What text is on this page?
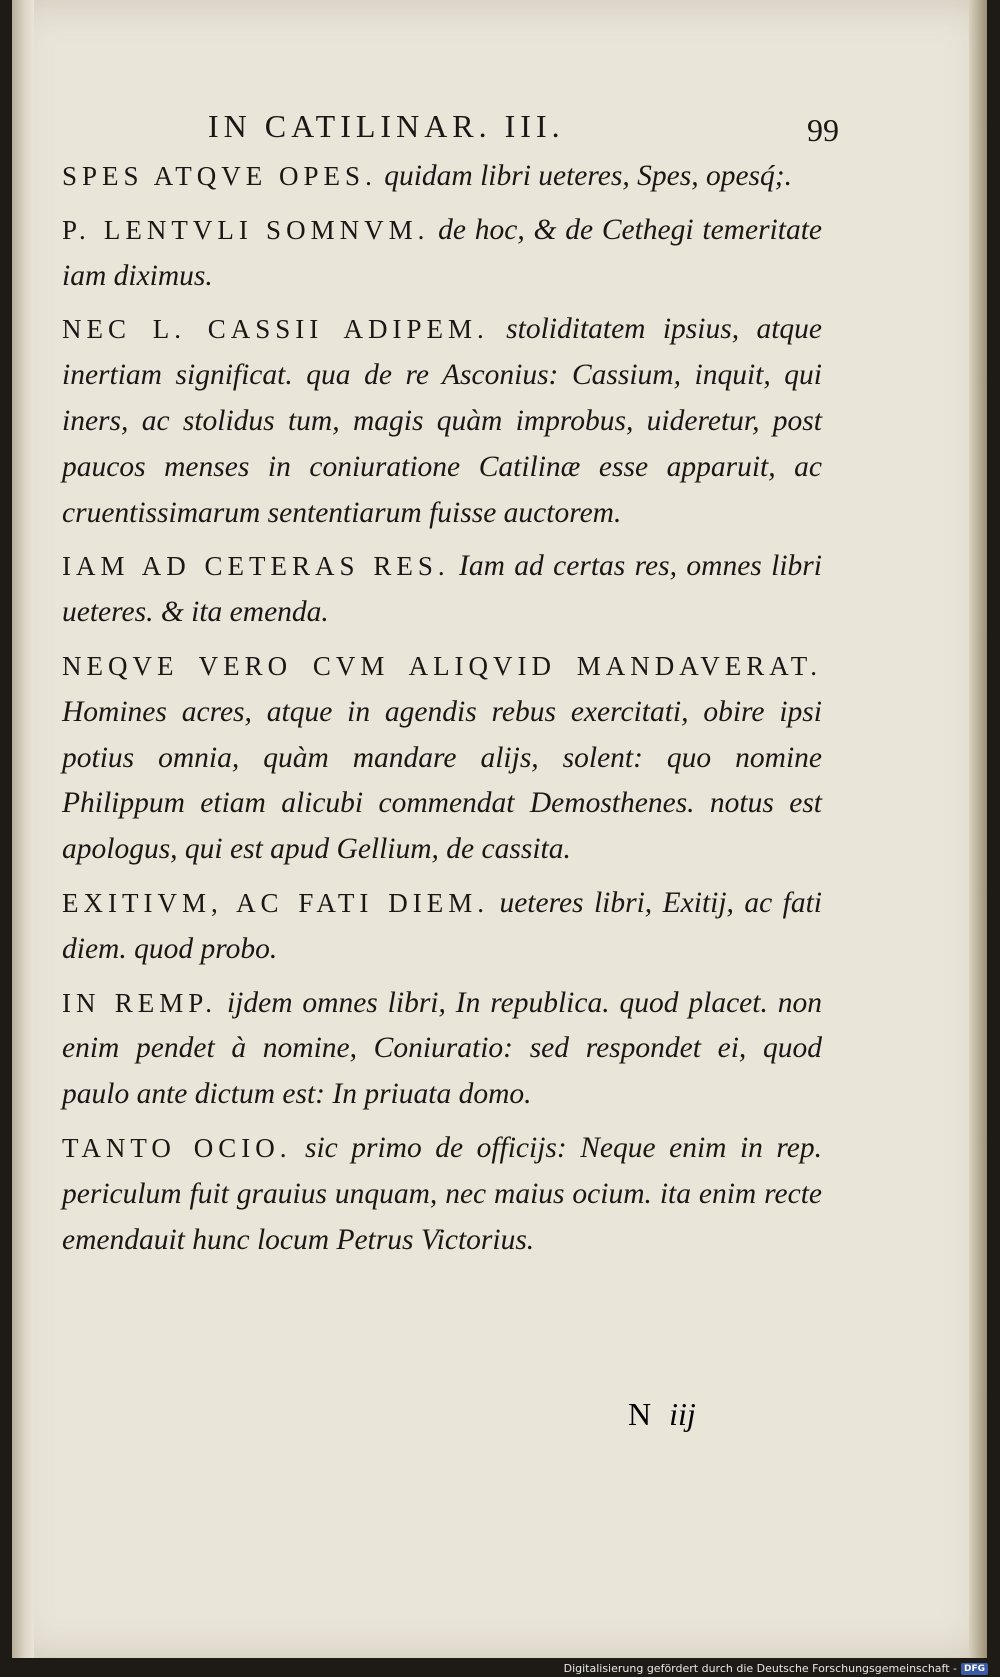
IN CATILINAR. III.	99

SPES ATQVE OPES. quidam libri ueteres, Spes, opesq́;.

P. LENTVLI SOMNVM. de hoc, & de Cethegi temeritate iam diximus.

NEC L. CASSII ADIPEM. stoliditatem ipsius, atque inertiam significat. qua de re Asconius: Cassium, inquit, qui iners, ac stolidus tum, magis quàm improbus, uideretur, post paucos menses in coniuratione Catilinæ esse apparuit, ac cruentissimarum sententiarum fuisse auctorem.

IAM AD CETERAS RES. Iam ad certas res, omnes libri ueteres. & ita emenda.

NEQVE VERO CVM ALIQVID MANDAVERAT. Homines acres, atque in agendis rebus exercitati, obire ipsi potius omnia, quàm mandare alijs, solent: quo nomine Philippum etiam alicubi commendat Demosthenes. notus est apologus, qui est apud Gellium, de cassita.

EXITIVM, AC FATI DIEM. ueteres libri, Exitij, ac fati diem. quod probo.

IN REMP. ijdem omnes libri, In republica. quod placet. non enim pendet à nomine, Coniuratio: sed respondet ei, quod paulo ante dictum est: In priuata domo.

TANTO OCIO. sic primo de officijs: Neque enim in rep. periculum fuit grauius unquam, nec maius ocium. ita enim recte emendauit hunc locum Petrus Victorius.

N iij
Digitalisierung gefördert durch die Deutsche Forschungsgemeinschaft - DFG
